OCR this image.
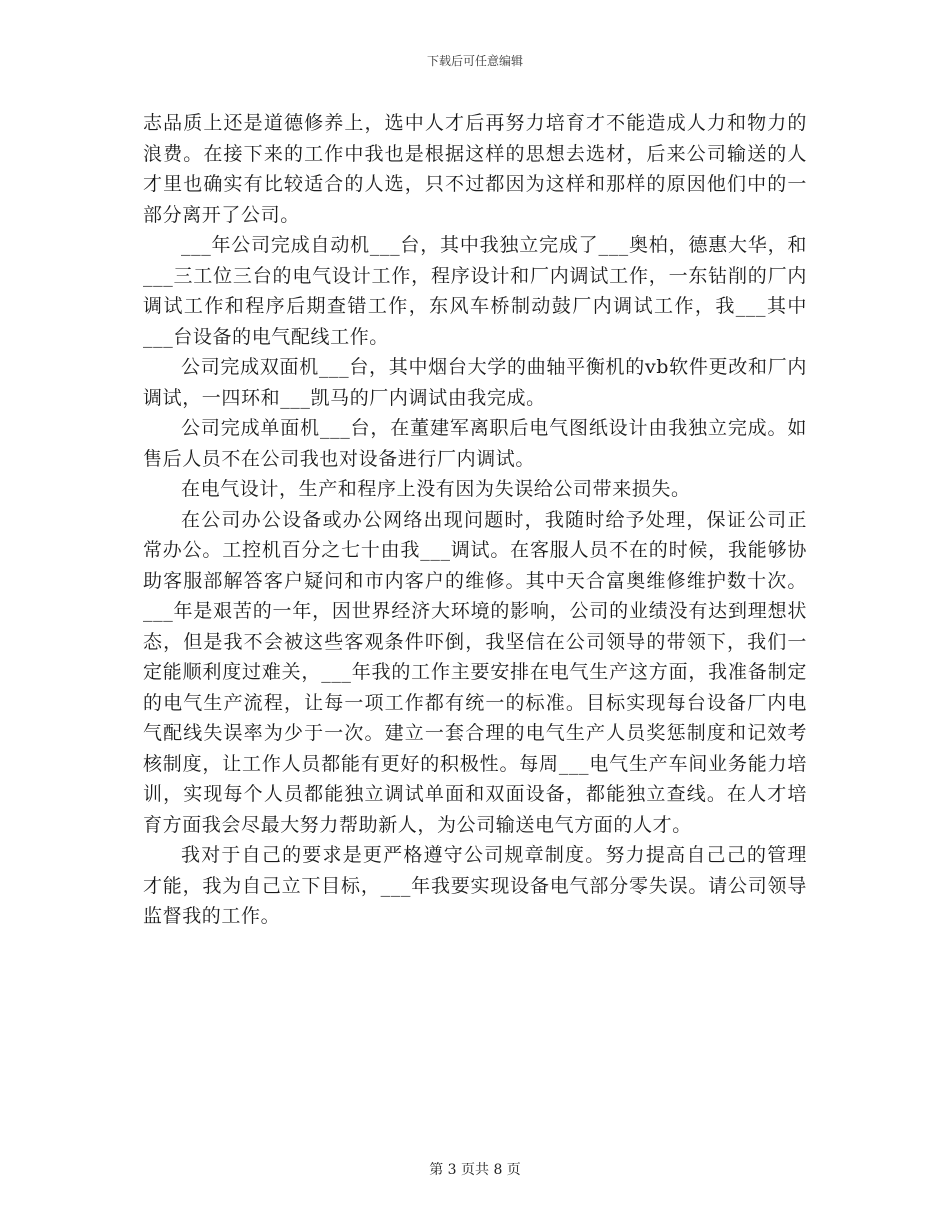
下载后可任意编辑

志品质上还是道德修养上，选中人才后再努力培育才不能造成人力和物力的浪费。在接下来的工作中我也是根据这样的思想去选材，后来公司输送的人才里也确实有比较适合的人选，只不过都因为这样和那样的原因他们中的一部分离开了公司。

___年公司完成自动机___台，其中我独立完成了___奥柏，德惠大华，和___三工位三台的电气设计工作，程序设计和厂内调试工作，一东钻削的厂内调试工作和程序后期查错工作，东风车桥制动鼓厂内调试工作，我___其中___台设备的电气配线工作。

公司完成双面机___台，其中烟台大学的曲轴平衡机的vb软件更改和厂内调试，一四环和___凯马的厂内调试由我完成。

公司完成单面机___台，在董建军离职后电气图纸设计由我独立完成。如售后人员不在公司我也对设备进行厂内调试。

在电气设计，生产和程序上没有因为失误给公司带来损失。

在公司办公设备或办公网络出现问题时，我随时给予处理，保证公司正常办公。工控机百分之七十由我___调试。在客服人员不在的时候，我能够协助客服部解答客户疑问和市内客户的维修。其中天合富奥维修维护数十次。___年是艰苦的一年，因世界经济大环境的影响，公司的业绩没有达到理想状态，但是我不会被这些客观条件吓倒，我坚信在公司领导的带领下，我们一定能顺利度过难关，___年我的工作主要安排在电气生产这方面，我准备制定的电气生产流程，让每一项工作都有统一的标准。目标实现每台设备厂内电气配线失误率为少于一次。建立一套合理的电气生产人员奖惩制度和记效考核制度，让工作人员都能有更好的积极性。每周___电气生产车间业务能力培训，实现每个人员都能独立调试单面和双面设备，都能独立查线。在人才培育方面我会尽最大努力帮助新人，为公司输送电气方面的人才。

我对于自己的要求是更严格遵守公司规章制度。努力提高自己己的管理才能，我为自己立下目标，___年我要实现设备电气部分零失误。请公司领导监督我的工作。

第 3 页共 8 页
